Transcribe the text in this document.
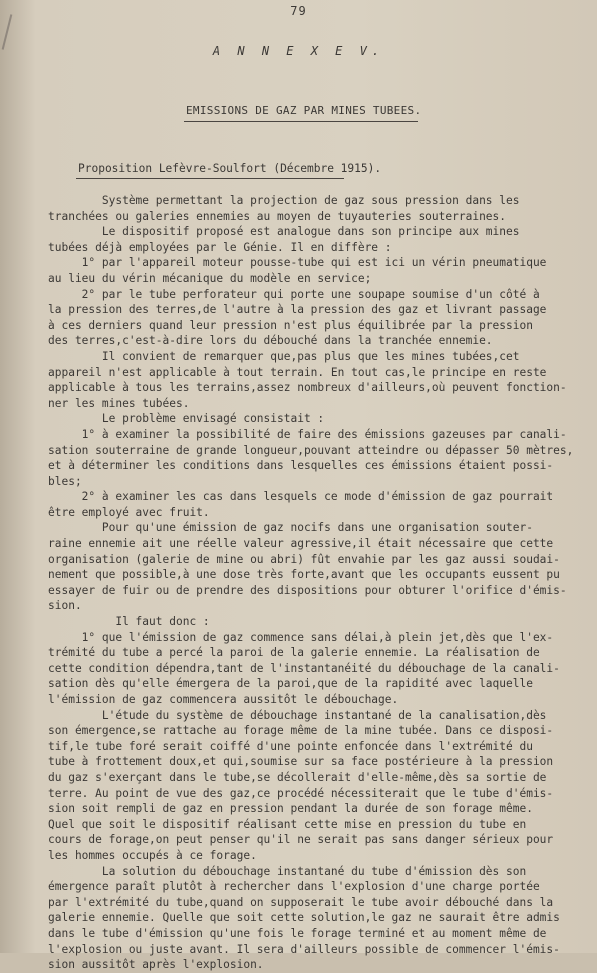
79
A N N E X E V.
EMISSIONS DE GAZ PAR MINES TUBEES.
Proposition Lefèvre-Soulfort (Décembre 1915).
Système permettant la projection de gaz sous pression dans les
tranchées ou galeries ennemies au moyen de tuyauteries souterraines.
Le dispositif proposé est analogue dans son principe aux mines
tubées déjà employées par le Génie. Il en diffère :
1° par l'appareil moteur pousse-tube qui est ici un vérin pneumatique
au lieu du vérin mécanique du modèle en service;
2° par le tube perforateur qui porte une soupape soumise d'un côté à
la pression des terres,de l'autre à la pression des gaz et livrant passage
à ces derniers quand leur pression n'est plus équilibrée par la pression
des terres,c'est-à-dire lors du débouché dans la tranchée ennemie.
Il convient de remarquer que,pas plus que les mines tubées,cet
appareil n'est applicable à tout terrain. En tout cas,le principe en reste
applicable à tous les terrains,assez nombreux d'ailleurs,où peuvent fonction-
ner les mines tubées.
Le problème envisagé consistait :
1° à examiner la possibilité de faire des émissions gazeuses par canali-
sation souterraine de grande longueur,pouvant atteindre ou dépasser 50 mètres,
et à déterminer les conditions dans lesquelles ces émissions étaient possi-
bles;
2° à examiner les cas dans lesquels ce mode d'émission de gaz pourrait
être employé avec fruit.
Pour qu'une émission de gaz nocifs dans une organisation souter-
raine ennemie ait une réelle valeur agressive,il était nécessaire que cette
organisation (galerie de mine ou abri) fût envahie par les gaz aussi soudai-
nement que possible,à une dose très forte,avant que les occupants eussent pu
essayer de fuir ou de prendre des dispositions pour obturer l'orifice d'émis-
sion.
Il faut donc :
1° que l'émission de gaz commence sans délai,à plein jet,dès que l'ex-
trémité du tube a percé la paroi de la galerie ennemie. La réalisation de
cette condition dépendra,tant de l'instantanéité du débouchage de la canali-
sation dès qu'elle émergera de la paroi,que de la rapidité avec laquelle
l'émission de gaz commencera aussitôt le débouchage.
L'étude du système de débouchage instantané de la canalisation,dès
son émergence,se rattache au forage même de la mine tubée. Dans ce disposi-
tif,le tube foré serait coiffé d'une pointe enfoncée dans l'extrémité du
tube à frottement doux,et qui,soumise sur sa face postérieure à la pression
du gaz s'exerçant dans le tube,se décollerait d'elle-même,dès sa sortie de
terre. Au point de vue des gaz,ce procédé nécessiterait que le tube d'émis-
sion soit rempli de gaz en pression pendant la durée de son forage même.
Quel que soit le dispositif réalisant cette mise en pression du tube en
cours de forage,on peut penser qu'il ne serait pas sans danger sérieux pour
les hommes occupés à ce forage.
La solution du débouchage instantané du tube d'émission dès son
émergence paraît plutôt à rechercher dans l'explosion d'une charge portée
par l'extrémité du tube,quand on supposerait le tube avoir débouché dans la
galerie ennemie. Quelle que soit cette solution,le gaz ne saurait être admis
dans le tube d'émission qu'une fois le forage terminé et au moment même de
l'explosion ou juste avant. Il sera d'ailleurs possible de commencer l'émis-
sion aussitôt après l'explosion.
